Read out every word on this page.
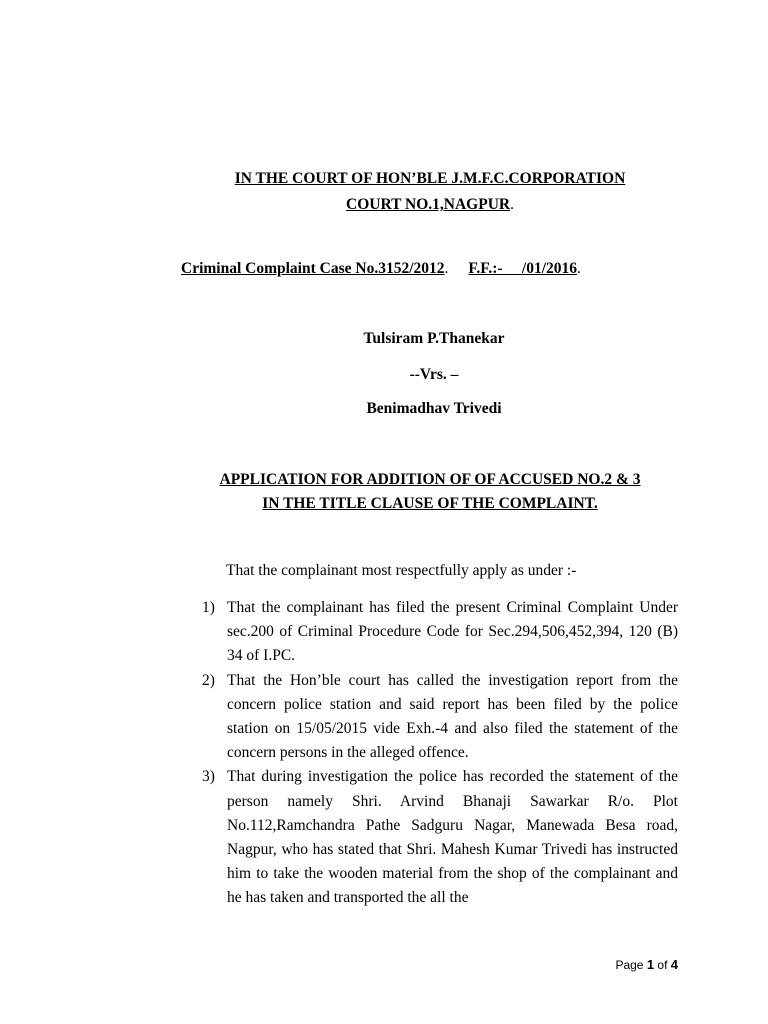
IN THE COURT OF HON’BLE J.M.F.C.CORPORATION
COURT NO.1,NAGPUR.
Criminal Complaint Case No.3152/2012. F.F.:-     /01/2016.
Tulsiram P.Thanekar
--Vrs. –
Benimadhav Trivedi
APPLICATION FOR ADDITION OF OF ACCUSED NO.2 & 3
IN THE TITLE CLAUSE OF THE COMPLAINT.
That the complainant most respectfully apply as under :-
1) That the complainant has filed the present Criminal Complaint Under sec.200 of Criminal Procedure Code for Sec.294,506,452,394, 120 (B) 34 of I.PC.
2) That the Hon’ble court has called the investigation report from the concern police station and said report has been filed by the police station on 15/05/2015 vide Exh.-4 and also filed the statement of the concern persons in the alleged offence.
3) That during investigation the police has recorded the statement of the person namely Shri. Arvind Bhanaji Sawarkar R/o. Plot No.112,Ramchandra Pathe Sadguru Nagar, Manewada Besa road, Nagpur, who has stated that Shri. Mahesh Kumar Trivedi has instructed him to take the wooden material from the shop of the complainant and he has taken and transported the all the
Page 1 of 4
